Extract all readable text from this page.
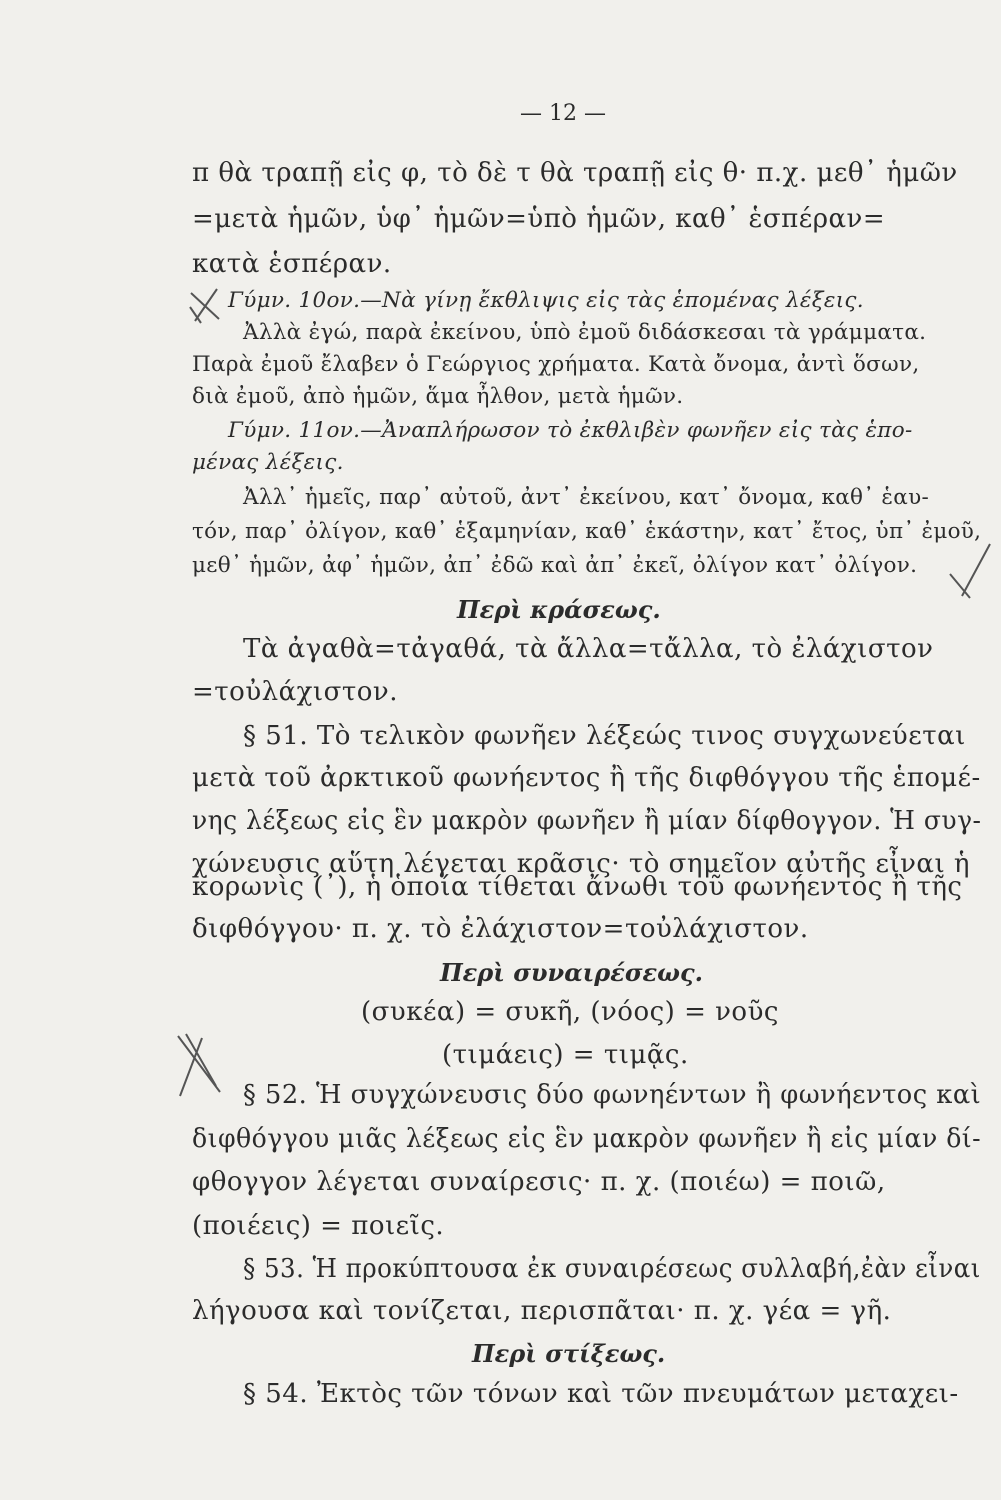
— 12 —
π θὰ τραπῇ εἰς φ, τὸ δὲ τ θὰ τραπῇ εἰς θ· π.χ. μεθ᾽ ἡμῶν
=μετὰ ἡμῶν, ὑφ᾽ ἡμῶν=ὑπὸ ἡμῶν, καθ᾽ ἑσπέραν=
κατὰ ἑσπέραν.
Γύμν. 10ον.—Νὰ γίνῃ ἔκθλιψις εἰς τὰς ἑπομένας λέξεις.
Ἀλλὰ ἐγώ, παρὰ ἐκείνου, ὑπὸ ἐμοῦ διδάσκεσαι τὰ γράμματα.
Παρὰ ἐμοῦ ἔλαβεν ὁ Γεώργιος χρήματα. Κατὰ ὄνομα, ἀντὶ ὅσων,
διὰ ἐμοῦ, ἀπὸ ἡμῶν, ἅμα ἦλθον, μετὰ ἡμῶν.
Γύμν. 11ον.—Ἀναπλήρωσον τὸ ἐκθλιβὲν φωνῆεν εἰς τὰς ἑπο-
μένας λέξεις.
Ἀλλ᾽ ἡμεῖς, παρ᾽ αὐτοῦ, ἀντ᾽ ἐκείνου, κατ᾽ ὄνομα, καθ᾽ ἑαυ-
τόν, παρ᾽ ὀλίγον, καθ᾽ ἑξαμηνίαν, καθ᾽ ἑκάστην, κατ᾽ ἔτος, ὑπ᾽ ἐμοῦ,
μεθ᾽ ἡμῶν, ἀφ᾽ ἡμῶν, ἀπ᾽ ἐδῶ καὶ ἀπ᾽ ἐκεῖ, ὀλίγον κατ᾽ ὀλίγον.
Περὶ κράσεως.
Τὰ ἀγαθὰ=τἀγαθά, τὰ ἄλλα=τἄλλα, τὸ ἐλάχιστον
=τοὐλάχιστον.
§ 51. Τὸ τελικὸν φωνῆεν λέξεώς τινος συγχωνεύεται
μετὰ τοῦ ἀρκτικοῦ φωνήεντος ἢ τῆς διφθόγγου τῆς ἑπομέ-
νης λέξεως εἰς ἓν μακρὸν φωνῆεν ἢ μίαν δίφθογγον. Ἡ συγ-
χώνευσις αὕτη λέγεται κρᾶσις· τὸ σημεῖον αὐτῆς εἶναι ἡ
κορωνὶς (᾽), ἡ ὁποία τίθεται ἄνωθι τοῦ φωνήεντος ἢ τῆς
διφθόγγου· π. χ. τὸ ἐλάχιστον=τοὐλάχιστον.
Περὶ συναιρέσεως.
(συκέα) = συκῆ, (νόος) = νοῦς
(τιμάεις) = τιμᾷς.
§ 52. Ἡ συγχώνευσις δύο φωνηέντων ἢ φωνήεντος καὶ
διφθόγγου μιᾶς λέξεως εἰς ἓν μακρὸν φωνῆεν ἢ εἰς μίαν δί-
φθογγον λέγεται συναίρεσις· π. χ. (ποιέω) = ποιῶ,
(ποιέεις) = ποιεῖς.
§ 53. Ἡ προκύπτουσα ἐκ συναιρέσεως συλλαβή,ἐὰν εἶναι
λήγουσα καὶ τονίζεται, περισπᾶται· π. χ. γέα = γῆ.
Περὶ στίξεως.
§ 54. Ἐκτὸς τῶν τόνων καὶ τῶν πνευμάτων μεταχει-
